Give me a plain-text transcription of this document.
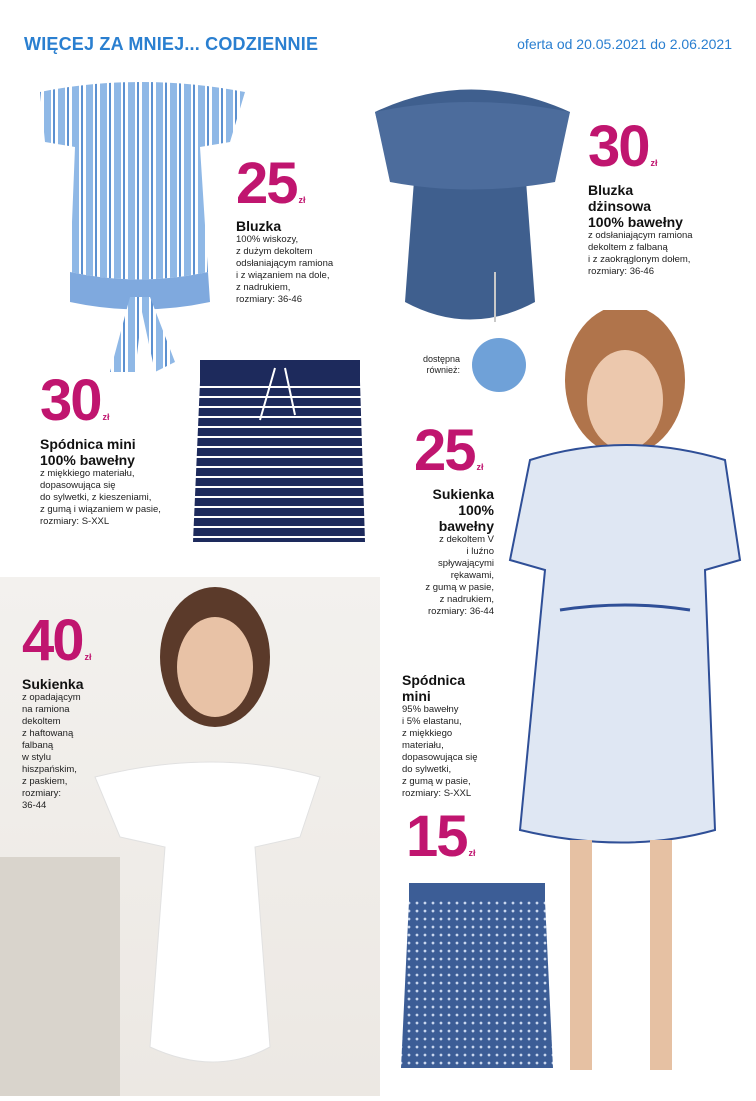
WIĘCEJ ZA MNIEJ... CODZIENNIE	oferta od 20.05.2021 do 2.06.2021
25 zł
Bluzka
100% wiskozy,
z dużym dekoltem
odsłaniającym ramiona
i z wiązaniem na dole,
z nadrukiem,
rozmiary: 36-46
30 zł
Bluzka
dżinsowa
100% bawełny
z odsłaniającym ramiona
dekoltem z falbaną
i z zaokrąglonym dołem,
rozmiary: 36-46
dostępna
również:
30 zł
Spódnica mini
100% bawełny
z miękkiego materiału,
dopasowująca się
do sylwetki, z kieszeniami,
z gumą i wiązaniem w pasie,
rozmiary: S-XXL
25 zł
Sukienka
100%
bawełny
z dekoltem V
i luźno
spływającymi
rękawami,
z gumą w pasie,
z nadrukiem,
rozmiary: 36-44
40 zł
Sukienka
z opadającym
na ramiona
dekoltem
z haftowaną
falbaną
w stylu
hiszpańskim,
z paskiem,
rozmiary:
36-44
Spódnica
mini
95% bawełny
i 5% elastanu,
z miękkiego
materiału,
dopasowująca się
do sylwetki,
z gumą w pasie,
rozmiary: S-XXL
15 zł
